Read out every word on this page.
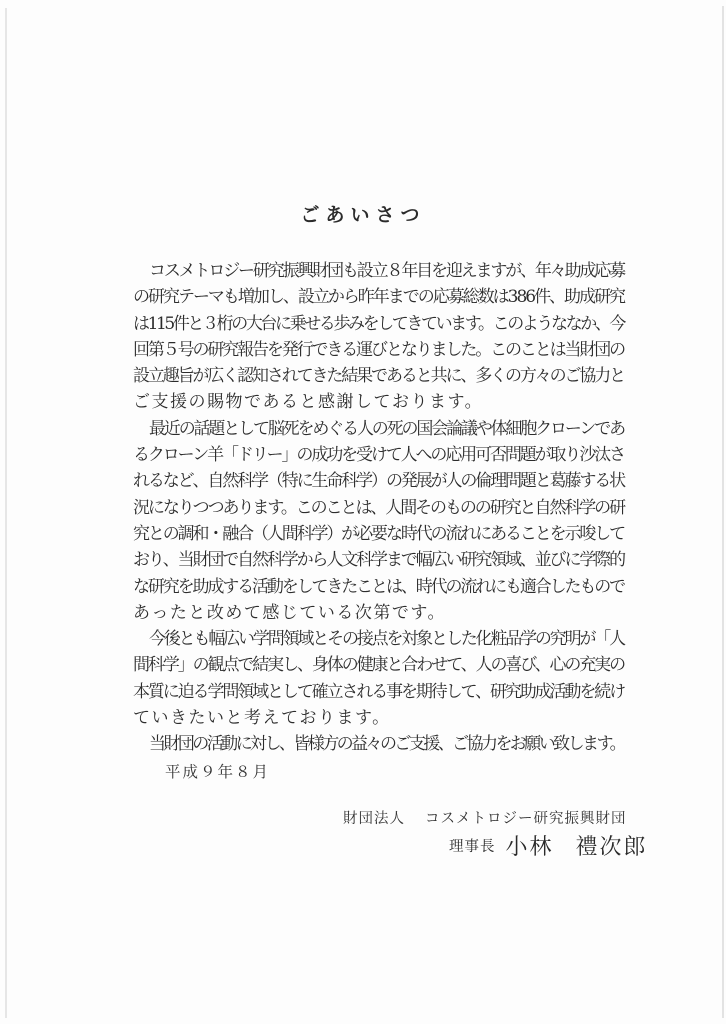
ごあいさつ
コスメトロジー研究振興財団も設立８年目を迎えますが、年々助成応募
の研究テーマも増加し、設立から昨年までの応募総数は386件、助成研究
は115件と３桁の大台に乗せる歩みをしてきています。このようななか、今
回第５号の研究報告を発行できる運びとなりました。このことは当財団の
設立趣旨が広く認知されてきた結果であると共に、多くの方々のご協力と
ご支援の賜物であると感謝しております。
最近の話題として脳死をめぐる人の死の国会論議や体細胞クローンであ
るクローン羊「ドリー」の成功を受けて人への応用可否問題が取り沙汰さ
れるなど、自然科学（特に生命科学）の発展が人の倫理問題と葛藤する状
況になりつつあります。このことは、人間そのものの研究と自然科学の研
究との調和・融合（人間科学）が必要な時代の流れにあることを示唆して
おり、当財団で自然科学から人文科学まで幅広い研究領域、並びに学際的
な研究を助成する活動をしてきたことは、時代の流れにも適合したもので
あったと改めて感じている次第です。
今後とも幅広い学問領域とその接点を対象とした化粧品学の究明が「人
間科学」の観点で結実し、身体の健康と合わせて、人の喜び、心の充実の
本質に迫る学問領域として確立される事を期待して、研究助成活動を続け
ていきたいと考えております。
当財団の活動に対し、皆様方の益々のご支援、ご協力をお願い致します。
平成９年８月
財団法人 コスメトロジー研究振興財団
理事長 小林 禮次郎
